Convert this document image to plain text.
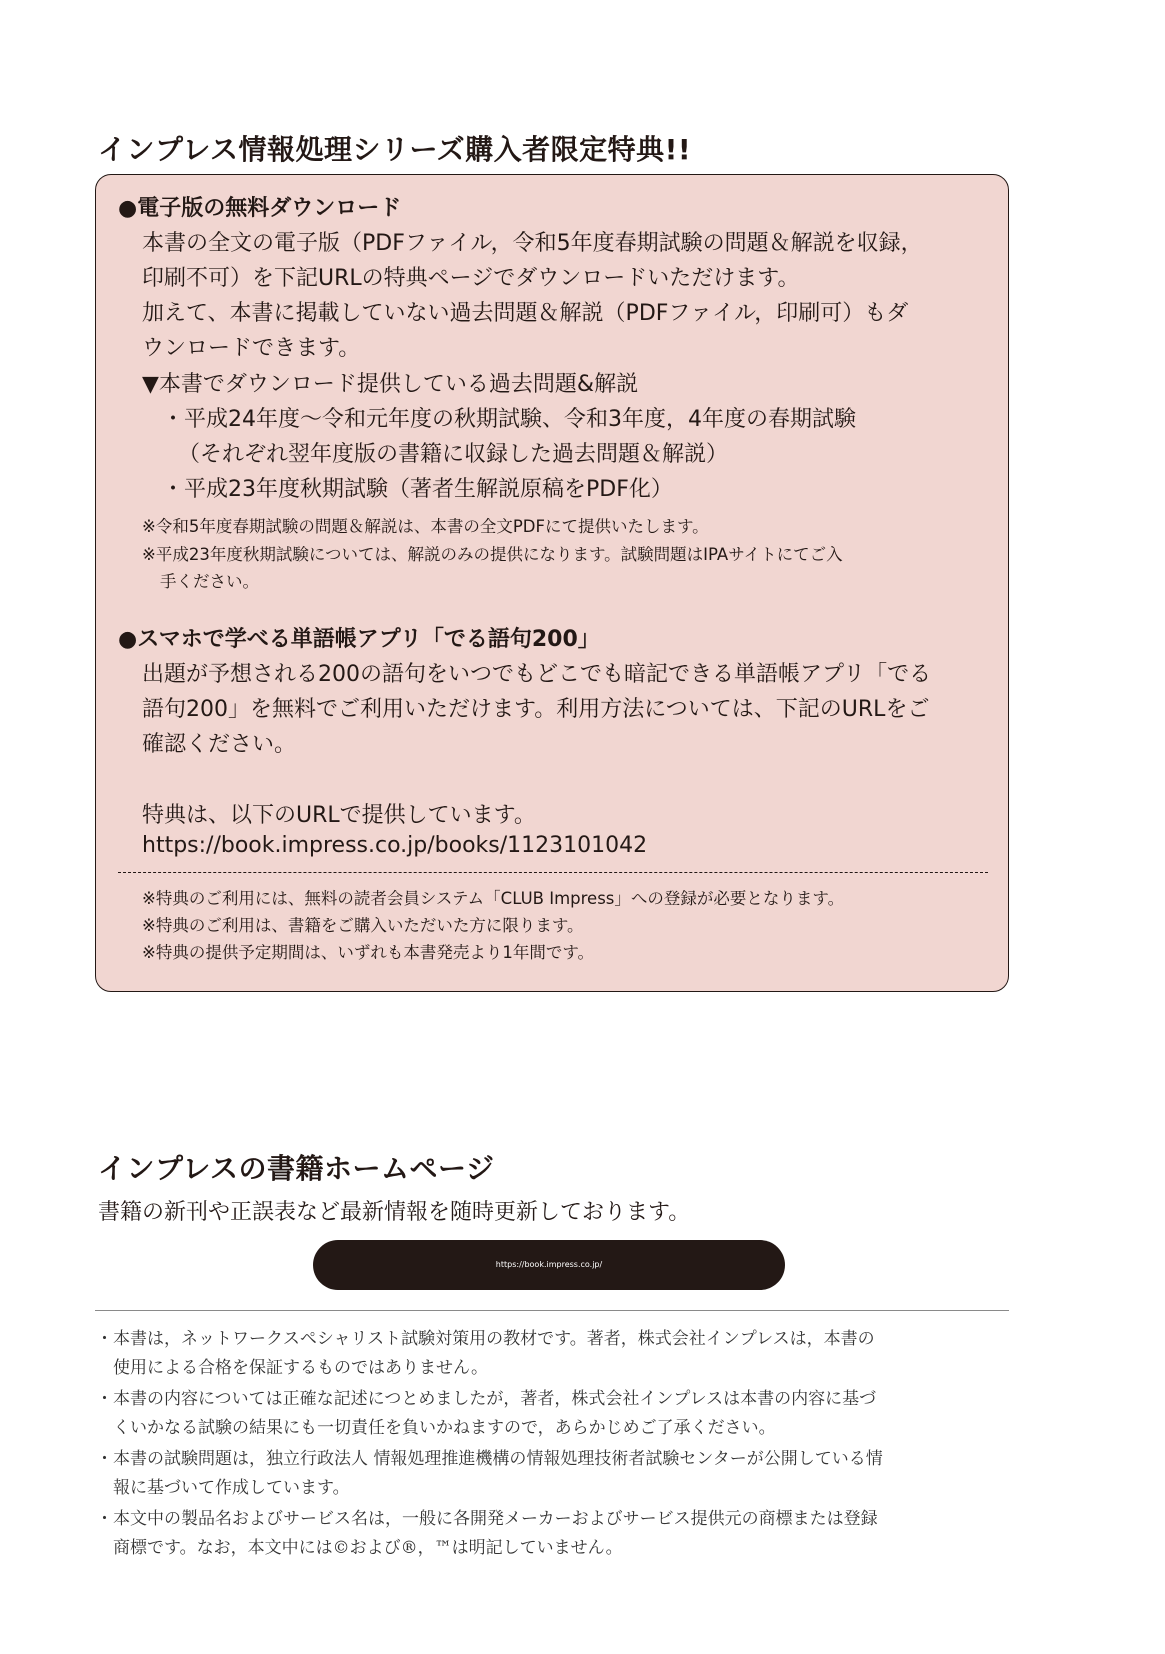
インプレス情報処理シリーズ購入者限定特典!!
●電子版の無料ダウンロード
本書の全文の電子版（PDFファイル，令和5年度春期試験の問題＆解説を収録，
印刷不可）を下記URLの特典ページでダウンロードいただけます。
加えて、本書に掲載していない過去問題＆解説（PDFファイル，印刷可）もダ
ウンロードできます。
▼本書でダウンロード提供している過去問題&解説
・平成24年度～令和元年度の秋期試験、令和3年度，4年度の春期試験
（それぞれ翌年度版の書籍に収録した過去問題＆解説）
・平成23年度秋期試験（著者生解説原稿をPDF化）
※令和5年度春期試験の問題＆解説は、本書の全文PDFにて提供いたします。
※平成23年度秋期試験については、解説のみの提供になります。試験問題はIPAサイトにてご入
手ください。
●スマホで学べる単語帳アプリ「でる語句200」
出題が予想される200の語句をいつでもどこでも暗記できる単語帳アプリ「でる
語句200」を無料でご利用いただけます。利用方法については、下記のURLをご
確認ください。
特典は、以下のURLで提供しています。
https://book.impress.co.jp/books/1123101042
※特典のご利用には、無料の読者会員システム「CLUB Impress」への登録が必要となります。
※特典のご利用は、書籍をご購入いただいた方に限ります。
※特典の提供予定期間は、いずれも本書発売より1年間です。
インプレスの書籍ホームページ
書籍の新刊や正誤表など最新情報を随時更新しております。
https://book.impress.co.jp/
・本書は，ネットワークスペシャリスト試験対策用の教材です。著者，株式会社インプレスは，本書の
　使用による合格を保証するものではありません。
・本書の内容については正確な記述につとめましたが，著者，株式会社インプレスは本書の内容に基づ
　くいかなる試験の結果にも一切責任を負いかねますので，あらかじめご了承ください。
・本書の試験問題は，独立行政法人 情報処理推進機構の情報処理技術者試験センターが公開している情
　報に基づいて作成しています。
・本文中の製品名およびサービス名は，一般に各開発メーカーおよびサービス提供元の商標または登録
　商標です。なお，本文中には©および®，™は明記していません。
